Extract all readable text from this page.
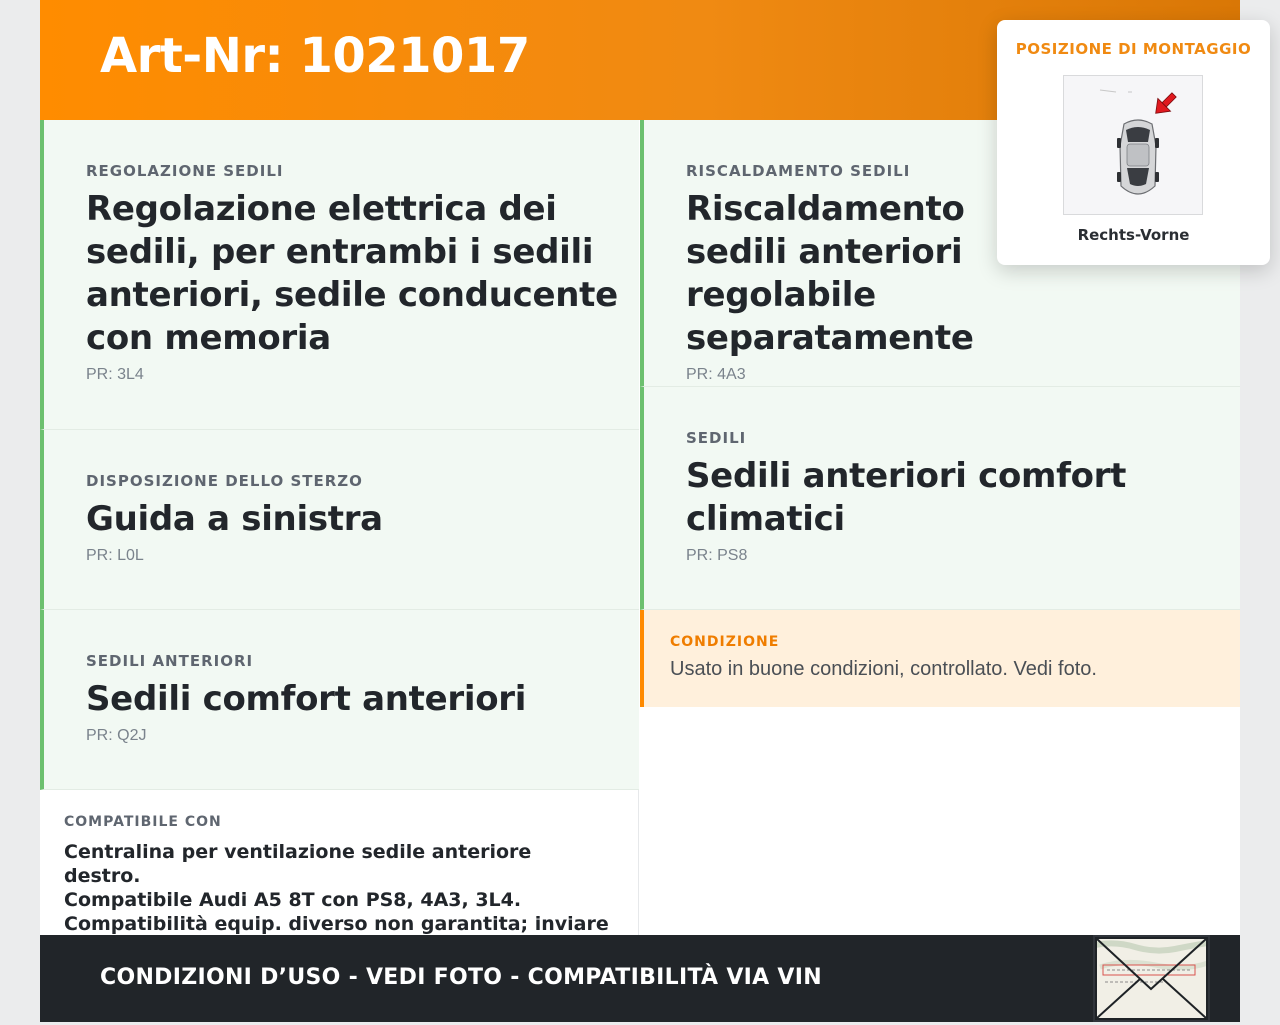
Art-Nr: 1021017
REGOLAZIONE SEDILI
Regolazione elettrica dei sedili, per entrambi i sedili anteriori, sedile conducente con memoria
PR: 3L4
DISPOSIZIONE DELLO STERZO
Guida a sinistra
PR: L0L
SEDILI ANTERIORI
Sedili comfort anteriori
PR: Q2J
RISCALDAMENTO SEDILI
Riscaldamento sedili anteriori regolabile separatamente
PR: 4A3
SEDILI
Sedili anteriori comfort climatici
PR: PS8
CONDIZIONE
Usato in buone condizioni, controllato. Vedi foto.
COMPATIBILE CON
Centralina per ventilazione sedile anteriore destro.
Compatibile Audi A5 8T con PS8, 4A3, 3L4.
Compatibilità equip. diverso non garantita; inviare
CONDIZIONI D’USO - VEDI FOTO - COMPATIBILITÀ VIA VIN
POSIZIONE DI MONTAGGIO
Rechts-Vorne
